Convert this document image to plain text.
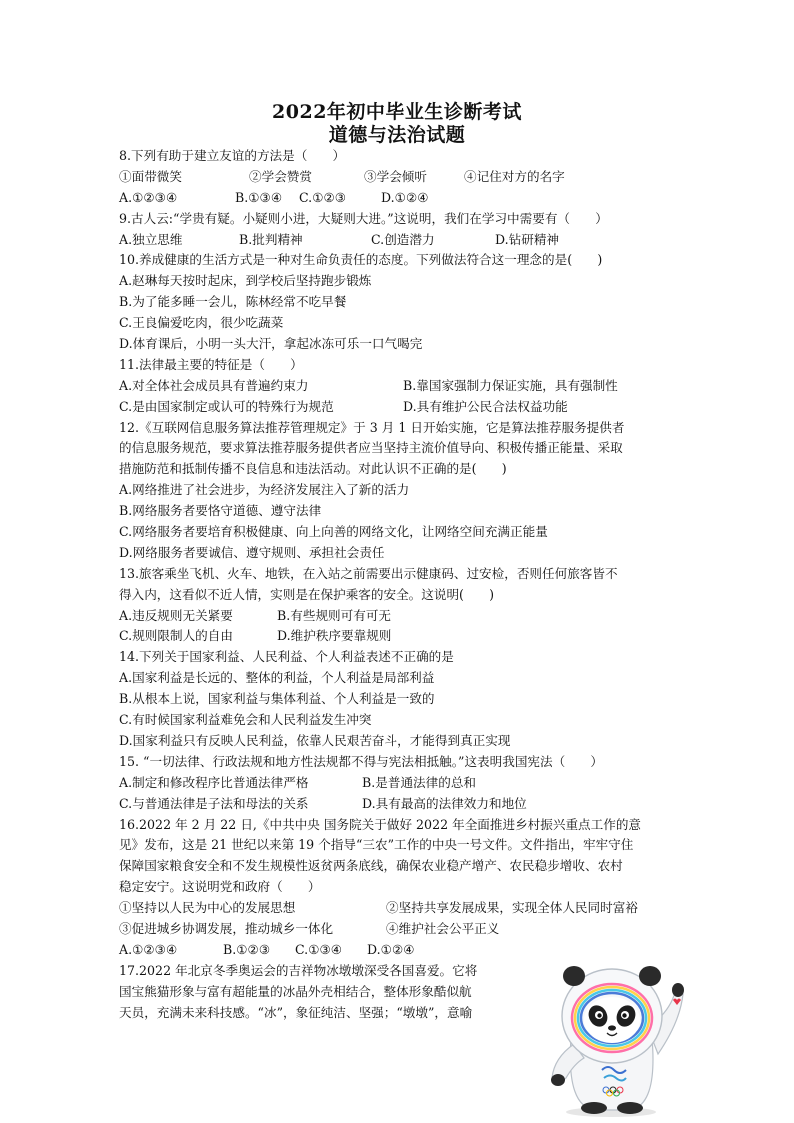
2022年初中毕业生诊断考试
道德与法治试题
8.下列有助于建立友谊的方法是（　　）
①面带微笑	②学会赞赏	③学会倾听	④记住对方的名字
A.①②③④	B.①③④	C.①②③	D.①②④
9.古人云:“学贵有疑。小疑则小进，大疑则大进。”这说明，我们在学习中需要有（　　）
A.独立思维	B.批判精神	C.创造潜力	D.钻研精神
10.养成健康的生活方式是一种对生命负责任的态度。下列做法符合这一理念的是(　　)
A.赵琳每天按时起床，到学校后坚持跑步锻炼
B.为了能多睡一会儿，陈林经常不吃早餐
C.王良偏爱吃肉，很少吃蔬菜
D.体育课后，小明一头大汗，拿起冰冻可乐一口气喝完
11.法律最主要的特征是（　　）
A.对全体社会成员具有普遍约束力	B.靠国家强制力保证实施，具有强制性
C.是由国家制定或认可的特殊行为规范	D.具有维护公民合法权益功能
12.《互联网信息服务算法推荐管理规定》于 3 月 1 日开始实施，它是算法推荐服务提供者
的信息服务规范，要求算法推荐服务提供者应当坚持主流价值导向、积极传播正能量、采取
措施防范和抵制传播不良信息和违法活动。对此认识不正确的是(　　)
A.网络推进了社会进步，为经济发展注入了新的活力
B.网络服务者要恪守道德、遵守法律
C.网络服务者要培育积极健康、向上向善的网络文化，让网络空间充满正能量
D.网络服务者要诚信、遵守规则、承担社会责任
13.旅客乘坐飞机、火车、地铁，在入站之前需要出示健康码、过安检，否则任何旅客皆不
得入内，这看似不近人情，实则是在保护乘客的安全。这说明(　　)
A.违反规则无关紧要	B.有些规则可有可无
C.规则限制人的自由	D.维护秩序要靠规则
14.下列关于国家利益、人民利益、个人利益表述不正确的是
A.国家利益是长远的、整体的利益，个人利益是局部利益
B.从根本上说，国家利益与集体利益、个人利益是一致的
C.有时候国家利益难免会和人民利益发生冲突
D.国家利益只有反映人民利益，依靠人民艰苦奋斗，才能得到真正实现
15. “一切法律、行政法规和地方性法规都不得与宪法相抵触。”这表明我国宪法（　　）
A.制定和修改程序比普通法律严格	B.是普通法律的总和
C.与普通法律是子法和母法的关系	D.具有最高的法律效力和地位
16.2022 年 2 月 22 日,《中共中央 国务院关于做好 2022 年全面推进乡村振兴重点工作的意
见》发布，这是 21 世纪以来第 19 个指导“三农”工作的中央一号文件。文件指出，牢牢守住
保障国家粮食安全和不发生规模性返贫两条底线，确保农业稳产增产、农民稳步增收、农村
稳定安宁。这说明党和政府（　　）
①坚持以人民为中心的发展思想	②坚持共享发展成果，实现全体人民同时富裕
③促进城乡协调发展，推动城乡一体化	④维护社会公平正义
A.①②③④	B.①②③	C.①③④	D.①②④
17.2022 年北京冬季奥运会的吉祥物冰墩墩深受各国喜爱。它将
国宝熊猫形象与富有超能量的冰晶外壳相结合，整体形象酷似航
天员，充满未来科技感。“冰”，象征纯洁、坚强；“墩墩”，意喻
